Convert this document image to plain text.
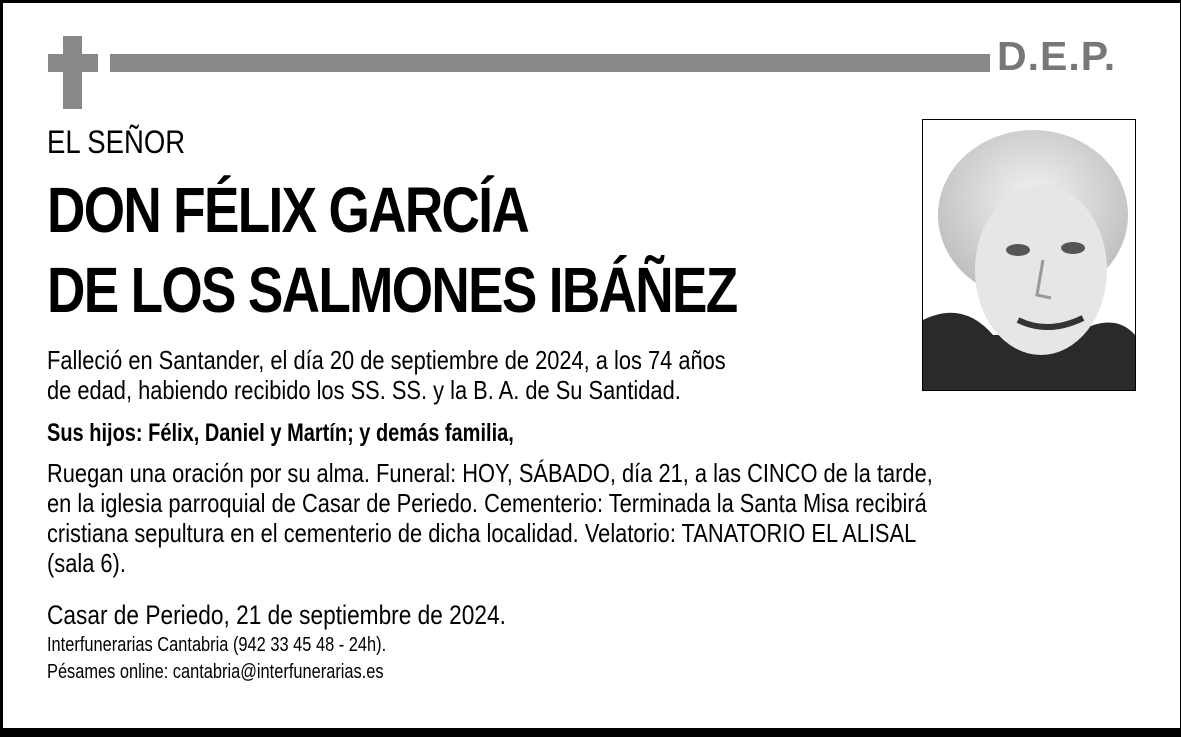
D.E.P.
EL SEÑOR
DON FÉLIX GARCÍA
DE LOS SALMONES IBÁÑEZ
Falleció en Santander, el día 20 de septiembre de 2024, a los 74 años
de edad, habiendo recibido los SS. SS. y la B. A. de Su Santidad.
Sus hijos: Félix, Daniel y Martín; y demás familia,
Ruegan una oración por su alma. Funeral: HOY, SÁBADO, día 21, a las CINCO de la tarde,
en la iglesia parroquial de Casar de Periedo. Cementerio: Terminada la Santa Misa recibirá
cristiana sepultura en el cementerio de dicha localidad. Velatorio: TANATORIO EL ALISAL
(sala 6).
Casar de Periedo, 21 de septiembre de 2024.
Interfunerarias Cantabria (942 33 45 48 - 24h).
Pésames online: cantabria@interfunerarias.es
